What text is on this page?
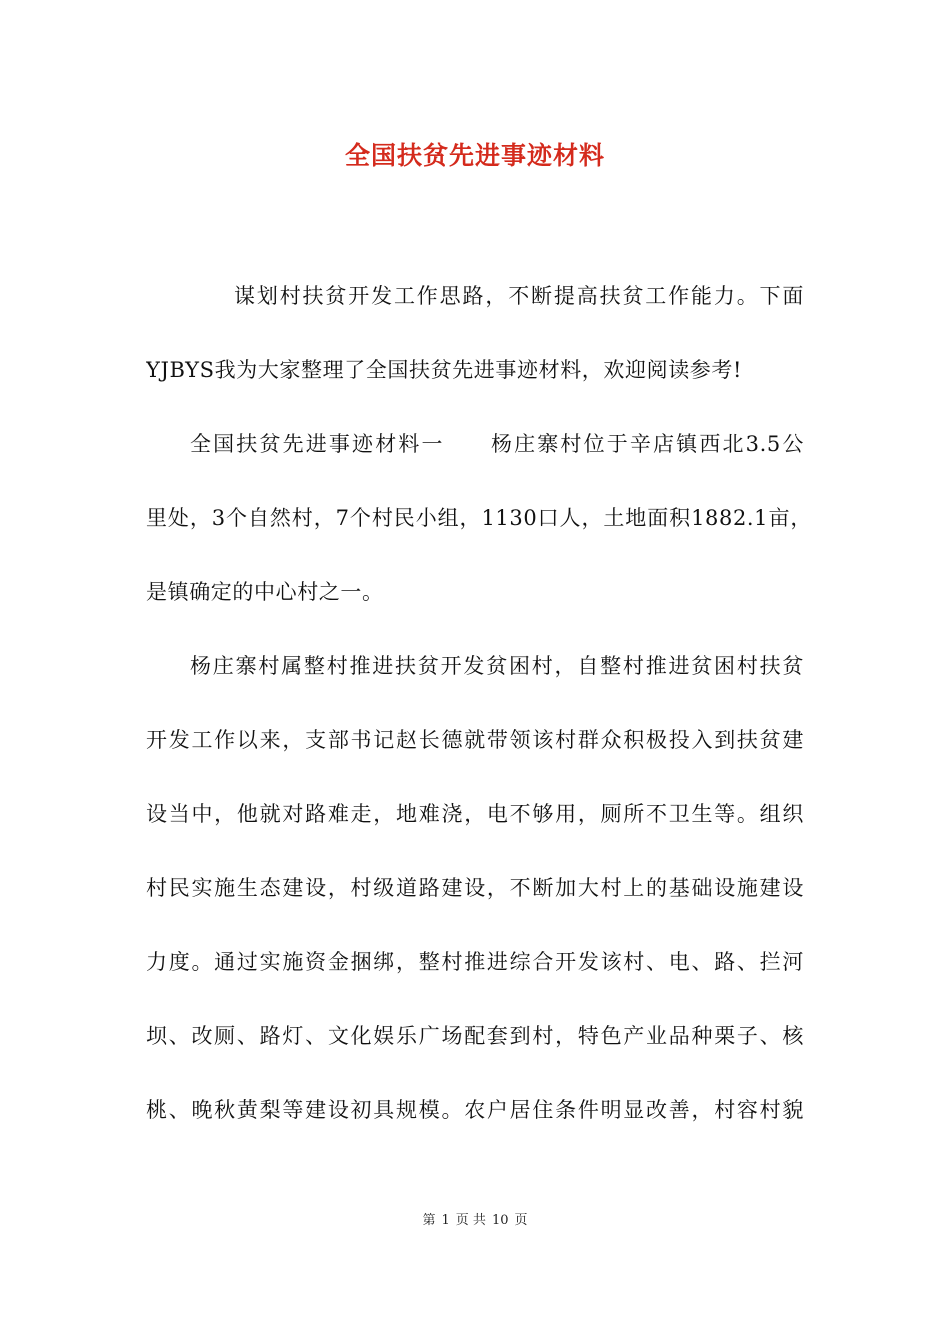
全国扶贫先进事迹材料
谋划村扶贫开发工作思路，不断提高扶贫工作能力。下面
YJBYS我为大家整理了全国扶贫先进事迹材料，欢迎阅读参考!
全国扶贫先进事迹材料一　　杨庄寨村位于辛店镇西北3.5公
里处，3个自然村，7个村民小组，1130口人，土地面积1882.1亩，
是镇确定的中心村之一。
杨庄寨村属整村推进扶贫开发贫困村，自整村推进贫困村扶贫
开发工作以来，支部书记赵长德就带领该村群众积极投入到扶贫建
设当中，他就对路难走，地难浇，电不够用，厕所不卫生等。组织
村民实施生态建设，村级道路建设，不断加大村上的基础设施建设
力度。通过实施资金捆绑，整村推进综合开发该村、电、路、拦河
坝、改厕、路灯、文化娱乐广场配套到村，特色产业品种栗子、核
桃、晚秋黄梨等建设初具规模。农户居住条件明显改善，村容村貌
第 1 页 共 10 页
